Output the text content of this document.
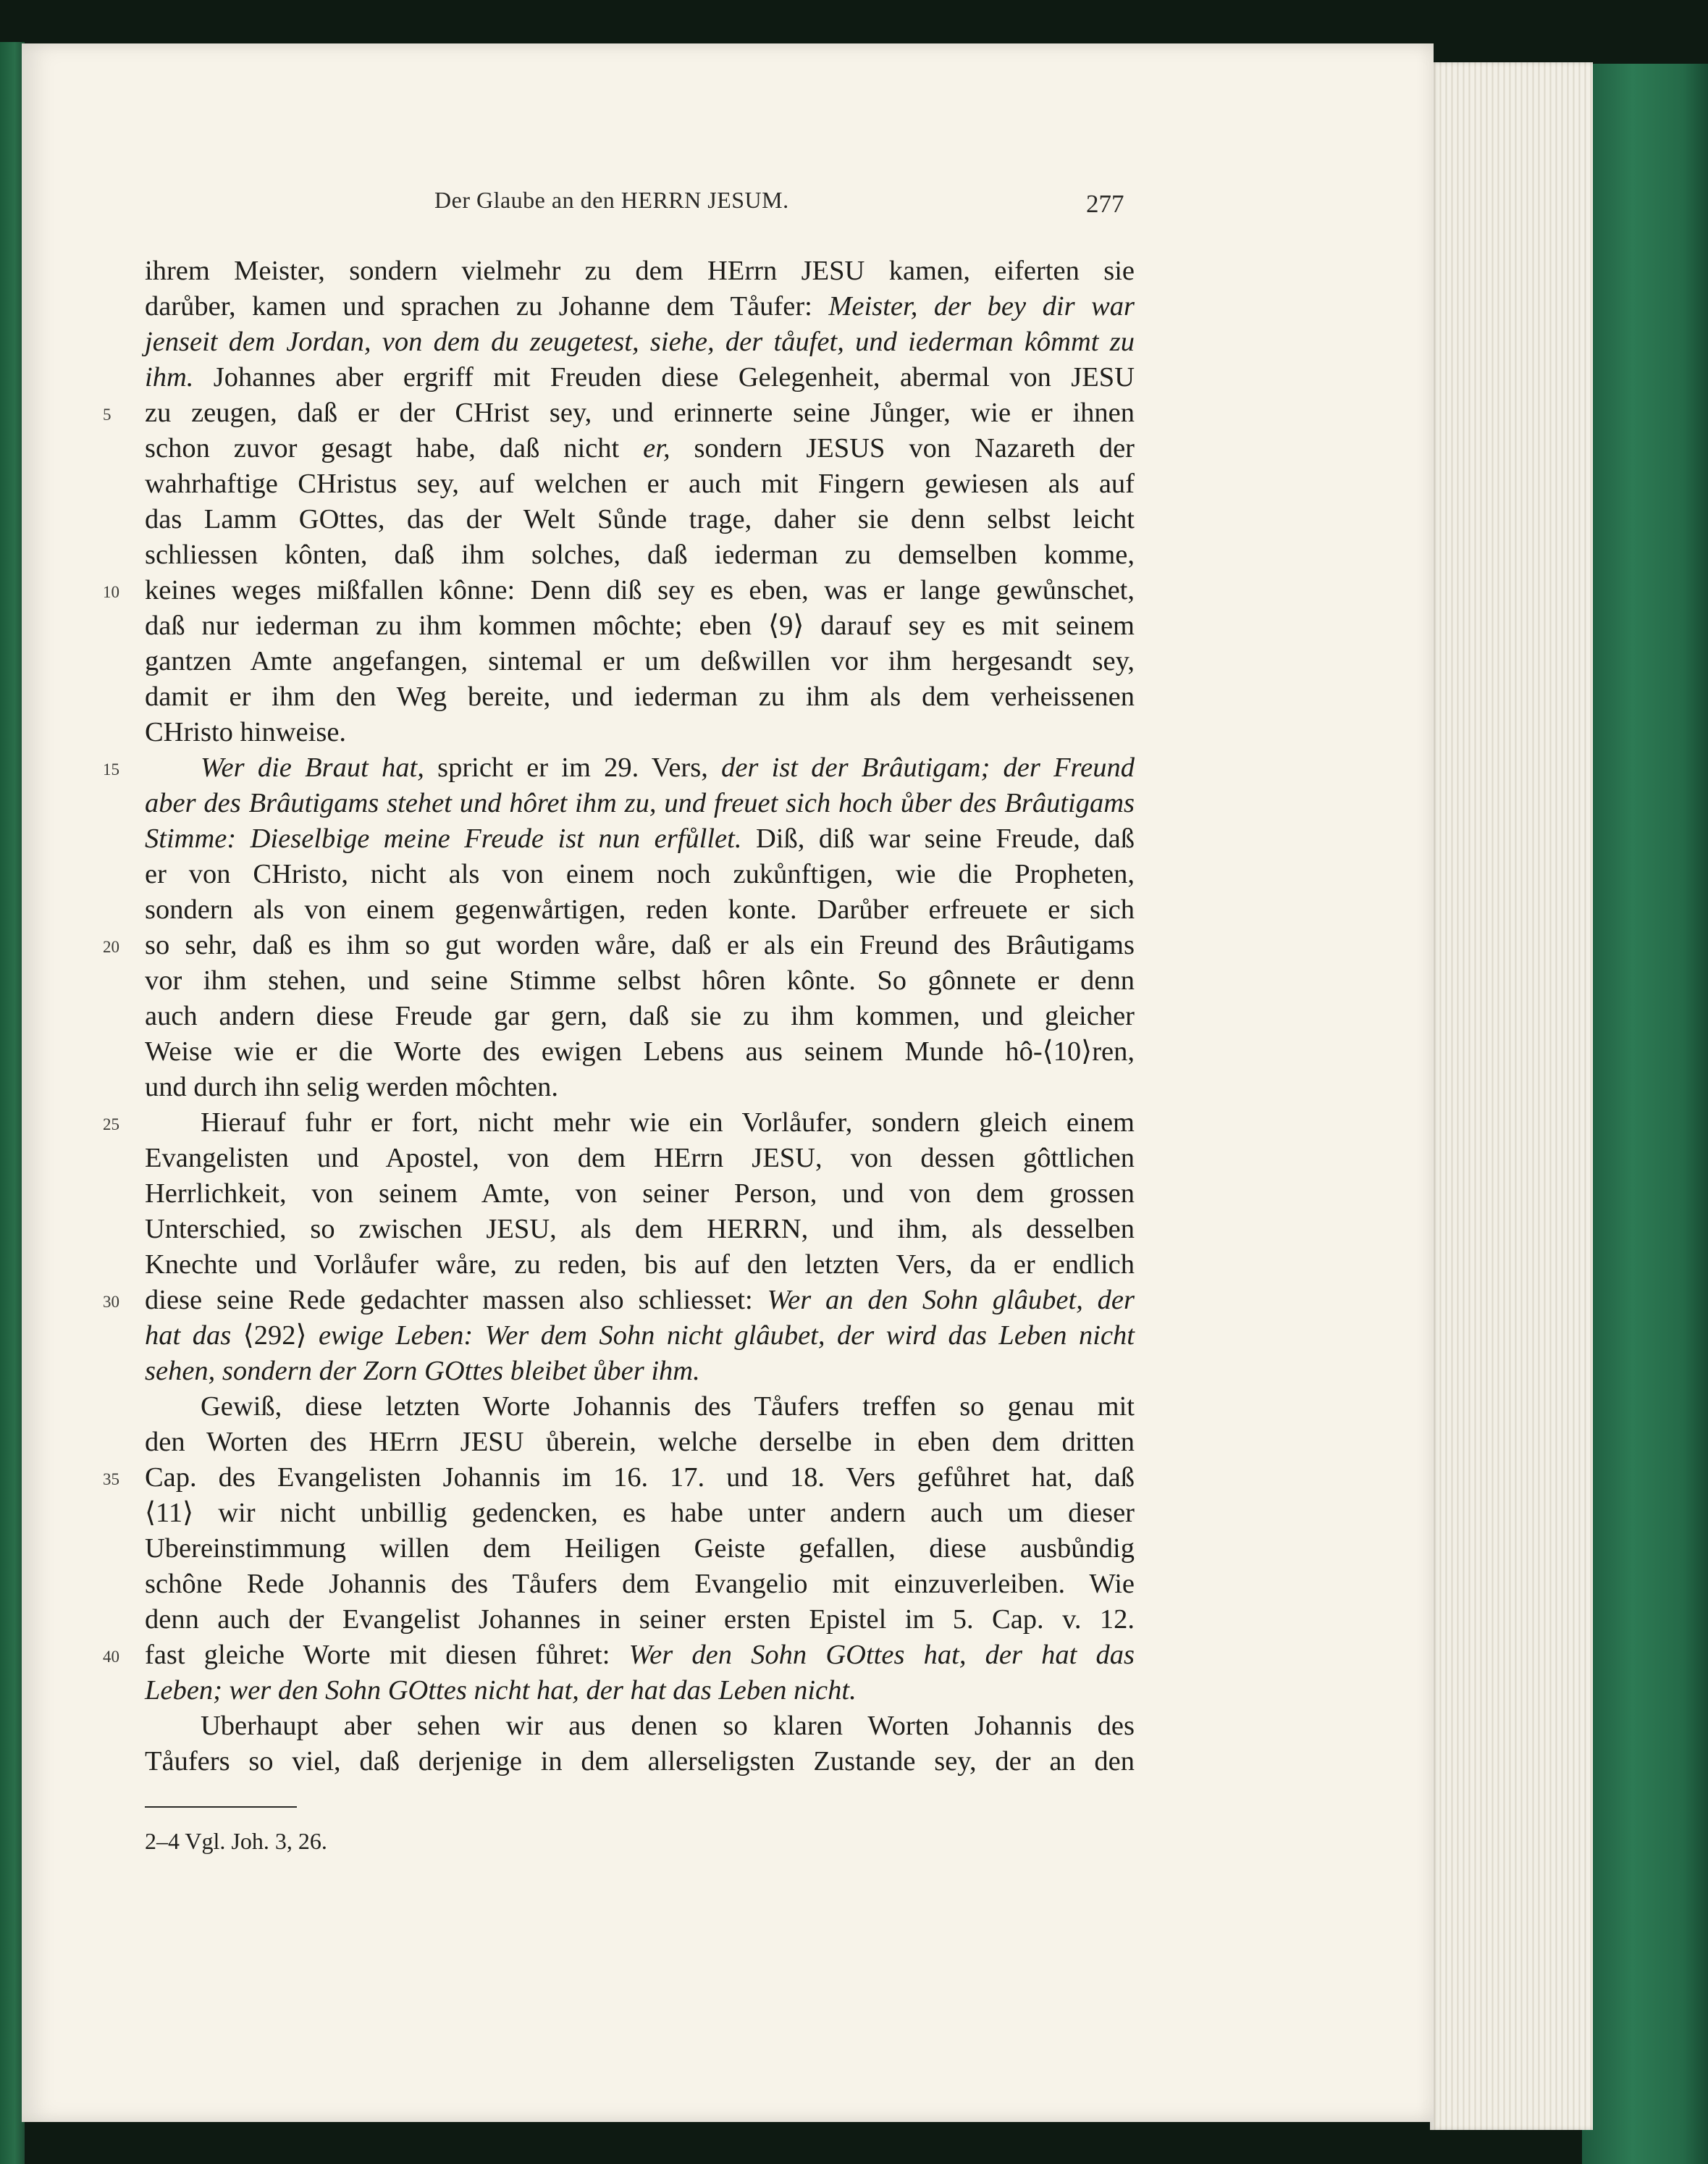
Der Glaube an den HERRN JESUM.	277
ihrem Meister, sondern vielmehr zu dem HErrn JESU kamen, eiferten sie
darůber, kamen und sprachen zu Johanne dem Tåufer: Meister, der bey dir war
jenseit dem Jordan, von dem du zeugetest, siehe, der tåufet, und iederman kômmt zu
ihm. Johannes aber ergriff mit Freuden diese Gelegenheit, abermal von JESU
zu zeugen, daß er der CHrist sey, und erinnerte seine Jůnger, wie er ihnen
schon zuvor gesagt habe, daß nicht er, sondern JESUS von Nazareth der
wahrhaftige CHristus sey, auf welchen er auch mit Fingern gewiesen als auf
das Lamm GOttes, das der Welt Sůnde trage, daher sie denn selbst leicht
schliessen kônten, daß ihm solches, daß iederman zu demselben komme,
keines weges mißfallen kônne: Denn diß sey es eben, was er lange gewůnschet,
daß nur iederman zu ihm kommen môchte; eben ⟨9⟩ darauf sey es mit seinem
gantzen Amte angefangen, sintemal er um deßwillen vor ihm hergesandt sey,
damit er ihm den Weg bereite, und iederman zu ihm als dem verheissenen
CHristo hinweise.
  Wer die Braut hat, spricht er im 29. Vers, der ist der Brâutigam; der Freund
aber des Brâutigams stehet und hôret ihm zu, und freuet sich hoch ůber des Brâutigams
Stimme: Dieselbige meine Freude ist nun erfůllet. Diß, diß war seine Freude, daß
er von CHristo, nicht als von einem noch zukůnftigen, wie die Propheten,
sondern als von einem gegenwårtigen, reden konte. Darůber erfreuete er sich
so sehr, daß es ihm so gut worden wåre, daß er als ein Freund des Brâutigams
vor ihm stehen, und seine Stimme selbst hôren kônte. So gônnete er denn
auch andern diese Freude gar gern, daß sie zu ihm kommen, und gleicher
Weise wie er die Worte des ewigen Lebens aus seinem Munde hô-⟨10⟩ren,
und durch ihn selig werden môchten.
  Hierauf fuhr er fort, nicht mehr wie ein Vorlåufer, sondern gleich einem
Evangelisten und Apostel, von dem HErrn JESU, von dessen gôttlichen
Herrlichkeit, von seinem Amte, von seiner Person, und von dem grossen
Unterschied, so zwischen JESU, als dem HERRN, und ihm, als desselben
Knechte und Vorlåufer wåre, zu reden, bis auf den letzten Vers, da er endlich
diese seine Rede gedachter massen also schliesset: Wer an den Sohn glâubet, der
hat das ⟨292⟩ ewige Leben: Wer dem Sohn nicht glâubet, der wird das Leben nicht
sehen, sondern der Zorn GOttes bleibet ůber ihm.
  Gewiß, diese letzten Worte Johannis des Tåufers treffen so genau mit
den Worten des HErrn JESU ůberein, welche derselbe in eben dem dritten
Cap. des Evangelisten Johannis im 16. 17. und 18. Vers gefůhret hat, daß
⟨11⟩ wir nicht unbillig gedencken, es habe unter andern auch um dieser
Ubereinstimmung willen dem Heiligen Geiste gefallen, diese ausbůndig
schône Rede Johannis des Tåufers dem Evangelio mit einzuverleiben. Wie
denn auch der Evangelist Johannes in seiner ersten Epistel im 5. Cap. v. 12.
fast gleiche Worte mit diesen fůhret: Wer den Sohn GOttes hat, der hat das
Leben; wer den Sohn GOttes nicht hat, der hat das Leben nicht.
  Uberhaupt aber sehen wir aus denen so klaren Worten Johannis des
Tåufers so viel, daß derjenige in dem allerseligsten Zustande sey, der an den
5
10
15
20
25
30
35
40
2–4 Vgl. Joh. 3, 26.
